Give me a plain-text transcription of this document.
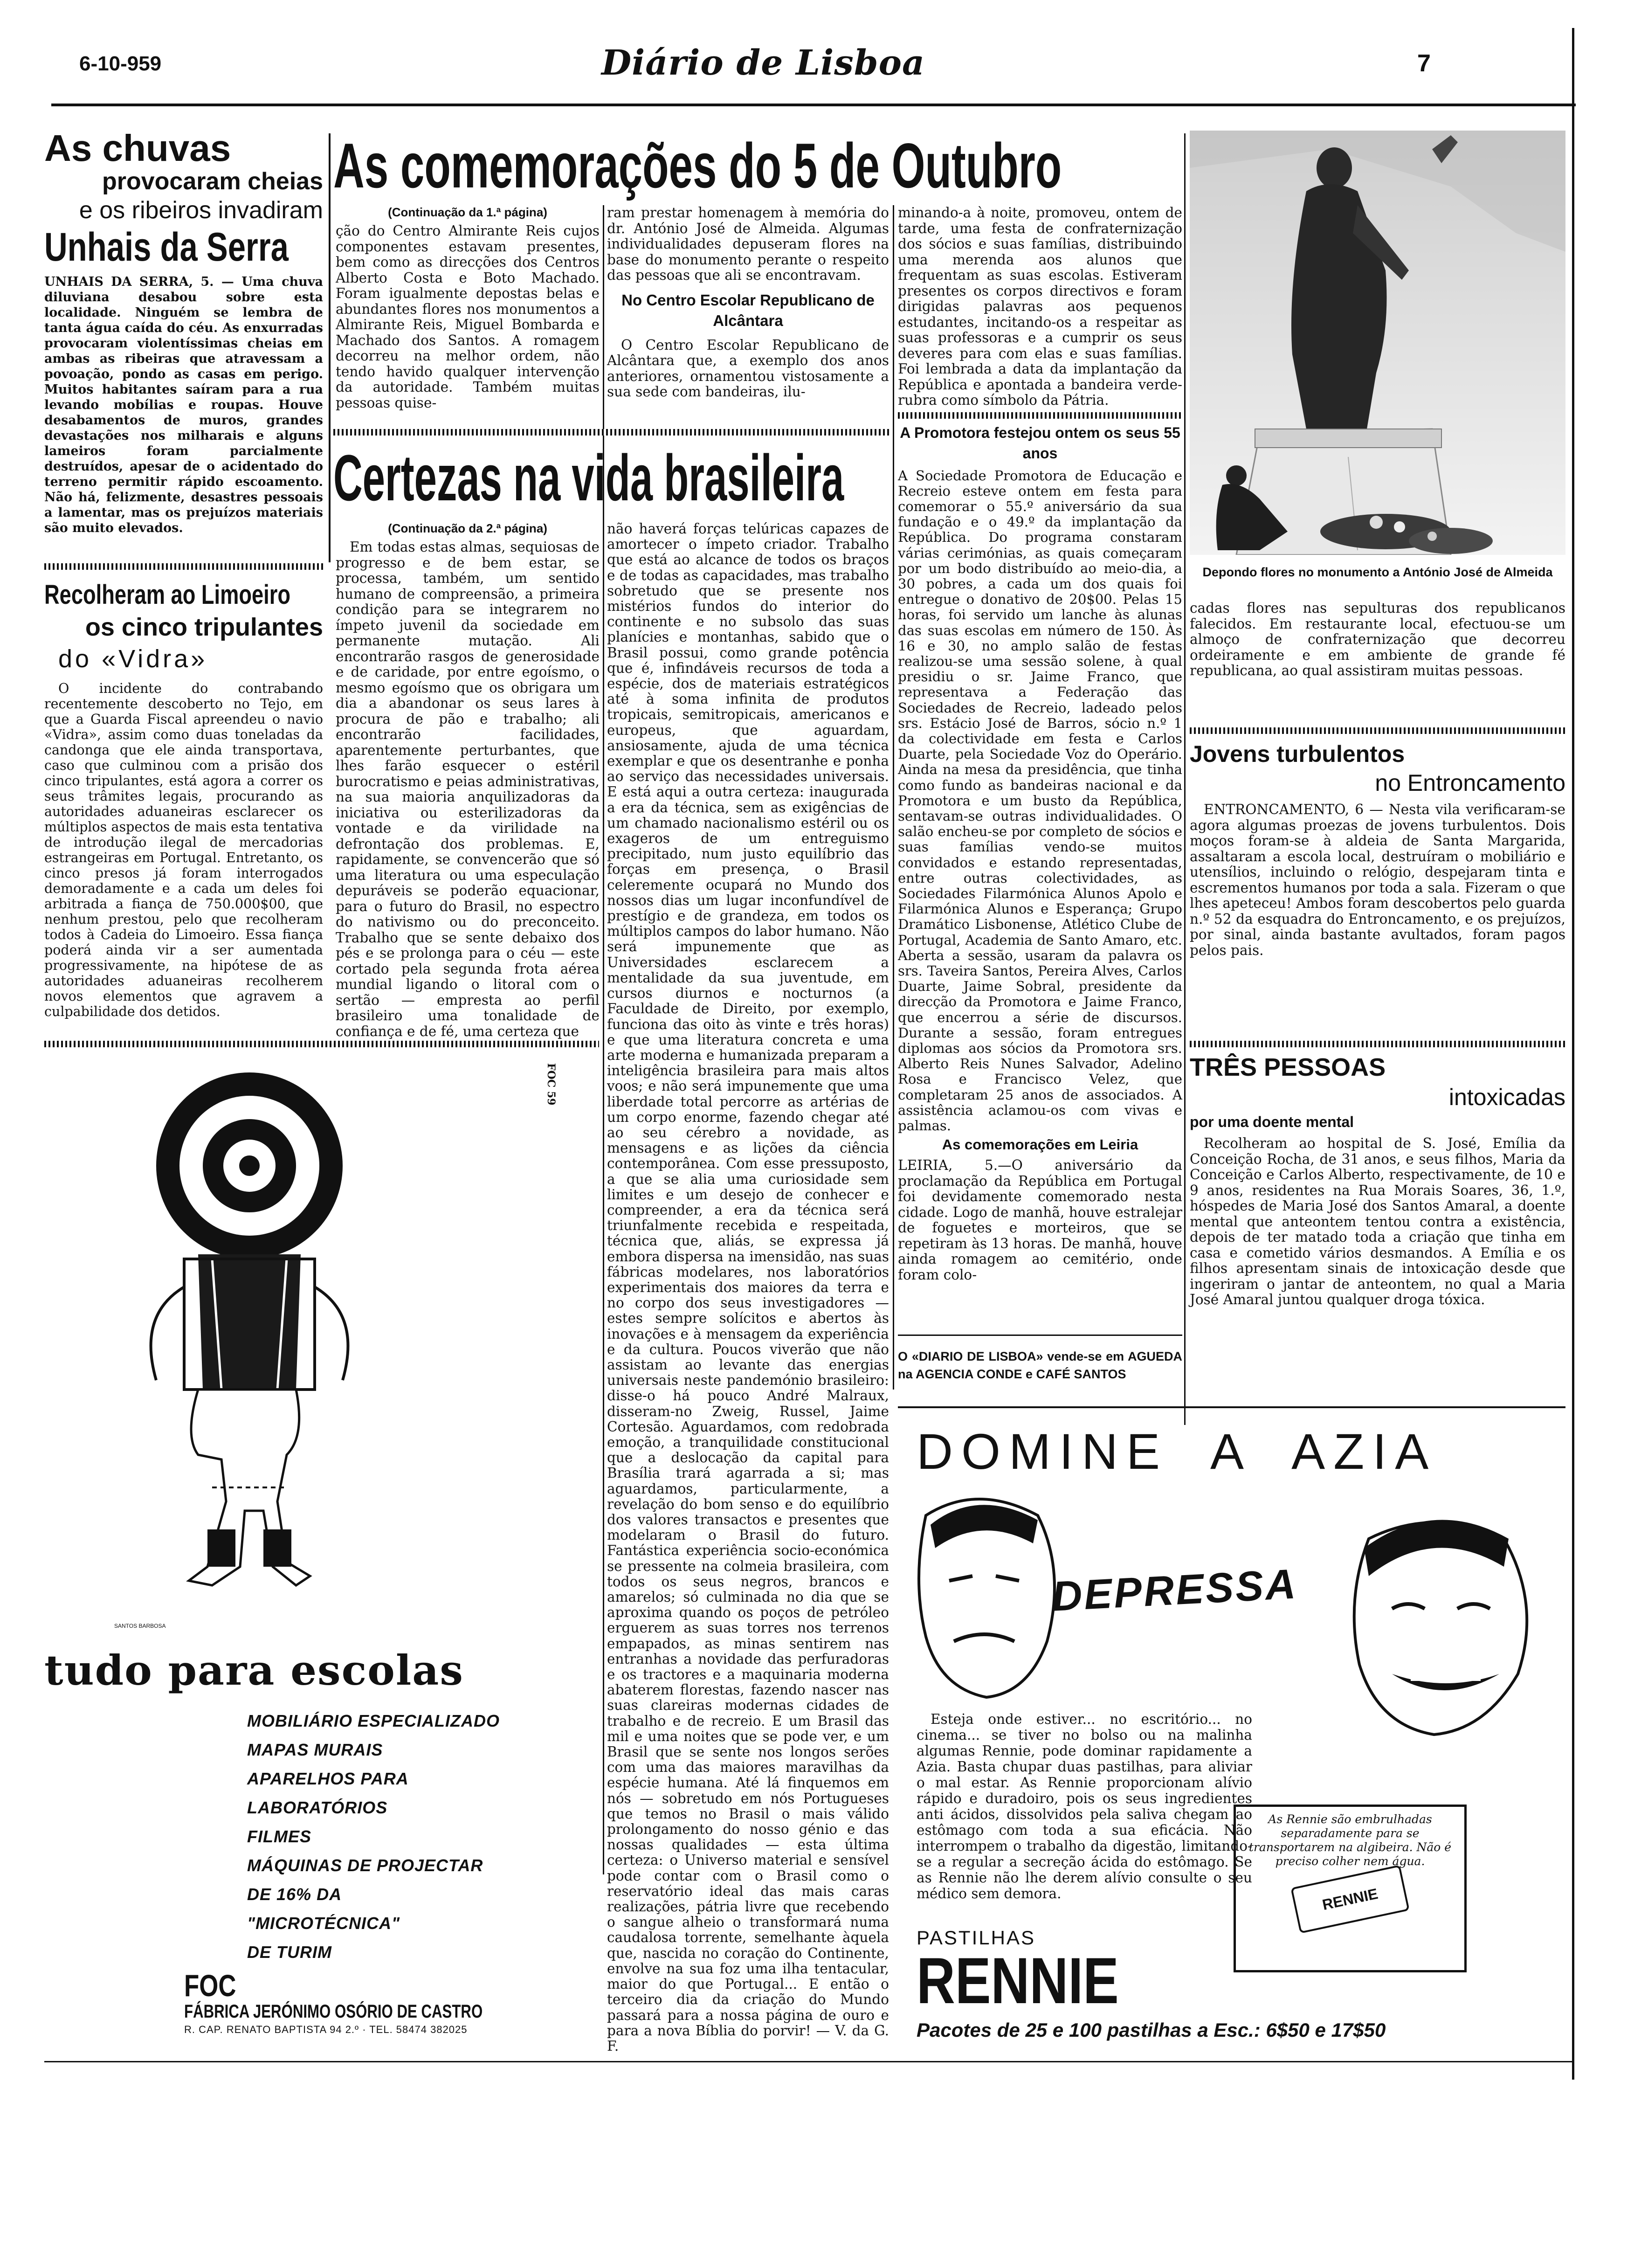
6-10-959	Diário de Lisboa	7
As chuvas
provocaram cheias
e os ribeiros invadiram
Unhais da Serra
UNHAIS DA SERRA, 5. — Uma chuva diluviana desabou sobre esta localidade. Ninguém se lembra de tanta água caída do céu. As enxurradas provocaram violentíssimas cheias em ambas as ribeiras que atravessam a povoação, pondo as casas em perigo. Muitos habitantes saíram para a rua levando mobílias e roupas. Houve desabamentos de muros, grandes devastações nos milharais e alguns lameiros foram parcialmente destruídos, apesar de o acidentado do terreno permitir rápido escoamento. Não há, felizmente, desastres pessoais a lamentar, mas os prejuízos materiais são muito elevados.
Recolheram ao Limoeiro
os cinco tripulantes
do «Vidra»
O incidente do contrabando recentemente descoberto no Tejo, em que a Guarda Fiscal apreendeu o navio «Vidra», assim como duas toneladas da candonga que ele ainda transportava, caso que culminou com a prisão dos cinco tripulantes, está agora a correr os seus trâmites legais, procurando as autoridades aduaneiras esclarecer os múltiplos aspectos de mais esta tentativa de introdução ilegal de mercadorias estrangeiras em Portugal. Entretanto, os cinco presos já foram interrogados demoradamente e a cada um deles foi arbitrada a fiança de 750.000$00, que nenhum prestou, pelo que recolheram todos à Cadeia do Limoeiro. Essa fiança poderá ainda vir a ser aumentada progressivamente, na hipótese de as autoridades aduaneiras recolherem novos elementos que agravem a culpabilidade dos detidos.
As comemorações do 5 de Outubro
(Continuação da 1.ª página)
ção do Centro Almirante Reis cujos componentes estavam presentes, bem como as direcções dos Centros Alberto Costa e Boto Machado. Foram igualmente depostas belas e abundantes flores nos monumentos a Almirante Reis, Miguel Bombarda e Machado dos Santos. A romagem decorreu na melhor ordem, não tendo havido qualquer intervenção da autoridade. Também muitas pessoas quise-
ram prestar homenagem à memória do dr. António José de Almeida. Algumas individualidades depuseram flores na base do monumento perante o respeito das pessoas que ali se encontravam.
No Centro Escolar Republicano de Alcântara
O Centro Escolar Republicano de Alcântara que, a exemplo dos anos anteriores, ornamentou vistosamente a sua sede com bandeiras, ilu-
minando-a à noite, promoveu, ontem de tarde, uma festa de confraternização dos sócios e suas famílias, distribuindo uma merenda aos alunos que frequentam as suas escolas. Estiveram presentes os corpos directivos e foram dirigidas palavras aos pequenos estudantes, incitando-os a respeitar as suas professoras e a cumprir os seus deveres para com elas e suas famílias. Foi lembrada a data da implantação da República e apontada a bandeira verde-rubra como símbolo da Pátria.
A Promotora festejou ontem os seus 55 anos
A Sociedade Promotora de Educação e Recreio esteve ontem em festa para comemorar o 55.º aniversário da sua fundação e o 49.º da implantação da República. Do programa constaram várias cerimónias, as quais começaram por um bodo distribuído ao meio-dia, a 30 pobres, a cada um dos quais foi entregue o donativo de 20$00. Pelas 15 horas, foi servido um lanche às alunas das suas escolas em número de 150. Às 16 e 30, no amplo salão de festas realizou-se uma sessão solene, à qual presidiu o sr. Jaime Franco, que representava a Federação das Sociedades de Recreio, ladeado pelos srs. Estácio José de Barros, sócio n.º 1 da colectividade em festa e Carlos Duarte, pela Sociedade Voz do Operário. Ainda na mesa da presidência, que tinha como fundo as bandeiras nacional e da Promotora e um busto da República, sentavam-se outras individualidades. O salão encheu-se por completo de sócios e suas famílias vendo-se muitos convidados e estando representadas, entre outras colectividades, as Sociedades Filarmónica Alunos Apolo e Filarmónica Alunos e Esperança; Grupo Dramático Lisbonense, Atlético Clube de Portugal, Academia de Santo Amaro, etc. Aberta a sessão, usaram da palavra os srs. Taveira Santos, Pereira Alves, Carlos Duarte, Jaime Sobral, presidente da direcção da Promotora e Jaime Franco, que encerrou a série de discursos. Durante a sessão, foram entregues diplomas aos sócios da Promotora srs. Alberto Reis Nunes Salvador, Adelino Rosa e Francisco Velez, que completaram 25 anos de associados. A assistência aclamou-os com vivas e palmas.
As comemorações em Leiria
LEIRIA, 5.—O aniversário da proclamação da República em Portugal foi devidamente comemorado nesta cidade. Logo de manhã, houve estralejar de foguetes e morteiros, que se repetiram às 13 horas. De manhã, houve ainda romagem ao cemitério, onde foram colo-
O «DIARIO DE LISBOA» vende-se em AGUEDA na AGENCIA CONDE e CAFÉ SANTOS
Depondo flores no monumento a António José de Almeida
cadas flores nas sepulturas dos republicanos falecidos. Em restaurante local, efectuou-se um almoço de confraternização que decorreu ordeiramente e em ambiente de grande fé republicana, ao qual assistiram muitas pessoas.
Jovens turbulentos
no Entroncamento
ENTRONCAMENTO, 6 — Nesta vila verificaram-se agora algumas proezas de jovens turbulentos. Dois moços foram-se à aldeia de Santa Margarida, assaltaram a escola local, destruíram o mobiliário e utensílios, incluindo o relógio, despejaram tinta e escrementos humanos por toda a sala. Fizeram o que lhes apeteceu! Ambos foram descobertos pelo guarda n.º 52 da esquadra do Entroncamento, e os prejuízos, por sinal, ainda bastante avultados, foram pagos pelos pais.
TRÊS PESSOAS
intoxicadas
por uma doente mental
Recolheram ao hospital de S. José, Emília da Conceição Rocha, de 31 anos, e seus filhos, Maria da Conceição e Carlos Alberto, respectivamente, de 10 e 9 anos, residentes na Rua Morais Soares, 36, 1.º, hóspedes de Maria José dos Santos Amaral, a doente mental que anteontem tentou contra a existência, depois de ter matado toda a criação que tinha em casa e cometido vários desmandos. A Emília e os filhos apresentam sinais de intoxicação desde que ingeriram o jantar de anteontem, no qual a Maria José Amaral juntou qualquer droga tóxica.
Certezas na vida brasileira
(Continuação da 2.ª página)
Em todas estas almas, sequiosas de progresso e de bem estar, se processa, também, um sentido humano de compreensão, a primeira condição para se integrarem no ímpeto juvenil da sociedade em permanente mutação. Ali encontrarão rasgos de generosidade e de caridade, por entre egoísmo, o mesmo egoísmo que os obrigara um dia a abandonar os seus lares à procura de pão e trabalho; ali encontrarão facilidades, aparentemente perturbantes, que lhes farão esquecer o estéril burocratismo e peias administrativas, na sua maioria anquilizadoras da iniciativa ou esterilizadoras da vontade e da virilidade na defrontação dos problemas. E, rapidamente, se convencerão que só uma literatura ou uma especulação depuráveis se poderão equacionar, para o futuro do Brasil, no espectro do nativismo ou do preconceito. Trabalho que se sente debaixo dos pés e se prolonga para o céu — este cortado pela segunda frota aérea mundial ligando o litoral com o sertão — empresta ao perfil brasileiro uma tonalidade de confiança e de fé, uma certeza que
não haverá forças telúricas capazes de amortecer o ímpeto criador. Trabalho que está ao alcance de todos os braços e de todas as capacidades, mas trabalho sobretudo que se presente nos mistérios fundos do interior do continente e no subsolo das suas planícies e montanhas, sabido que o Brasil possui, como grande potência que é, infindáveis recursos de toda a espécie, dos de materiais estratégicos até à soma infinita de produtos tropicais, semitropicais, americanos e europeus, que aguardam, ansiosamente, ajuda de uma técnica exemplar e que os desentranhe e ponha ao serviço das necessidades universais. E está aqui a outra certeza: inaugurada a era da técnica, sem as exigências de um chamado nacionalismo estéril ou os exageros de um entreguismo precipitado, num justo equilíbrio das forças em presença, o Brasil celeremente ocupará no Mundo dos nossos dias um lugar inconfundível de prestígio e de grandeza, em todos os múltiplos campos do labor humano. Não será impunemente que as Universidades esclarecem a mentalidade da sua juventude, em cursos diurnos e nocturnos (a Faculdade de Direito, por exemplo, funciona das oito às vinte e três horas) e que uma literatura concreta e uma arte moderna e humanizada preparam a inteligência brasileira para mais altos voos; e não será impunemente que uma liberdade total percorre as artérias de um corpo enorme, fazendo chegar até ao seu cérebro a novidade, as mensagens e as lições da ciência contemporânea. Com esse pressuposto, a que se alia uma curiosidade sem limites e um desejo de conhecer e compreender, a era da técnica será triunfalmente recebida e respeitada, técnica que, aliás, se expressa já embora dispersa na imensidão, nas suas fábricas modelares, nos laboratórios experimentais dos maiores da terra e no corpo dos seus investigadores — estes sempre solícitos e abertos às inovações e à mensagem da experiência e da cultura. Poucos viverão que não assistam ao levante das energias universais neste pandemónio brasileiro: disse-o há pouco André Malraux, disseram-no Zweig, Russel, Jaime Cortesão. Aguardamos, com redobrada emoção, a tranquilidade constitucional que a deslocação da capital para Brasília trará agarrada a si; mas aguardamos, particularmente, a revelação do bom senso e do equilíbrio dos valores transactos e presentes que modelaram o Brasil do futuro. Fantástica experiência socio-económica se pressente na colmeia brasileira, com todos os seus negros, brancos e amarelos; só culminada no dia que se aproxima quando os poços de petróleo erguerem as suas torres nos terrenos empapados, as minas sentirem nas entranhas a novidade das perfuradoras e os tractores e a maquinaria moderna abaterem florestas, fazendo nascer nas suas clareiras modernas cidades de trabalho e de recreio. E um Brasil das mil e uma noites que se pode ver, e um Brasil que se sente nos longos serões com uma das maiores maravilhas da espécie humana. Até lá finquemos em nós — sobretudo em nós Portugueses que temos no Brasil o mais válido prolongamento do nosso génio e das nossas qualidades — esta última certeza: o Universo material e sensível pode contar com o Brasil como o reservatório ideal das mais caras realizações, pátria livre que recebendo o sangue alheio o transformará numa caudalosa torrente, semelhante àquela que, nascida no coração do Continente, envolve na sua foz uma ilha tentacular, maior do que Portugal... E então o terceiro dia da criação do Mundo passará para a nossa página de ouro e para a nova Bíblia do porvir! — V. da G. F.
FOC 59
SANTOS BARBOSA
tudo para escolas
MOBILIÁRIO ESPECIALIZADO
MAPAS MURAIS
APARELHOS PARA
LABORATÓRIOS
FILMES
MÁQUINAS DE PROJECTAR
DE 16% DA
"MICROTÉCNICA"
DE TURIM
FOC
FÁBRICA JERÓNIMO OSÓRIO DE CASTRO
R. CAP. RENATO BAPTISTA 94 2.º · TEL. 58474 382025
DOMINE  A  AZIA
DEPRESSA
Esteja onde estiver... no escritório... no cinema... se tiver no bolso ou na malinha algumas Rennie, pode dominar rapidamente a Azia. Basta chupar duas pastilhas, para aliviar o mal estar. As Rennie proporcionam alívio rápido e duradoiro, pois os seus ingredientes anti ácidos, dissolvidos pela saliva chegam ao estômago com toda a sua eficácia. Não interrompem o trabalho da digestão, limitando-se a regular a secreção ácida do estômago. Se as Rennie não lhe derem alívio consulte o seu médico sem demora.
As Rennie são embrulhadas separadamente para se transportarem na algibeira. Não é preciso colher nem água.
RENNIE
PASTILHAS
RENNIE
Pacotes de 25 e 100 pastilhas a Esc.: 6$50 e 17$50
